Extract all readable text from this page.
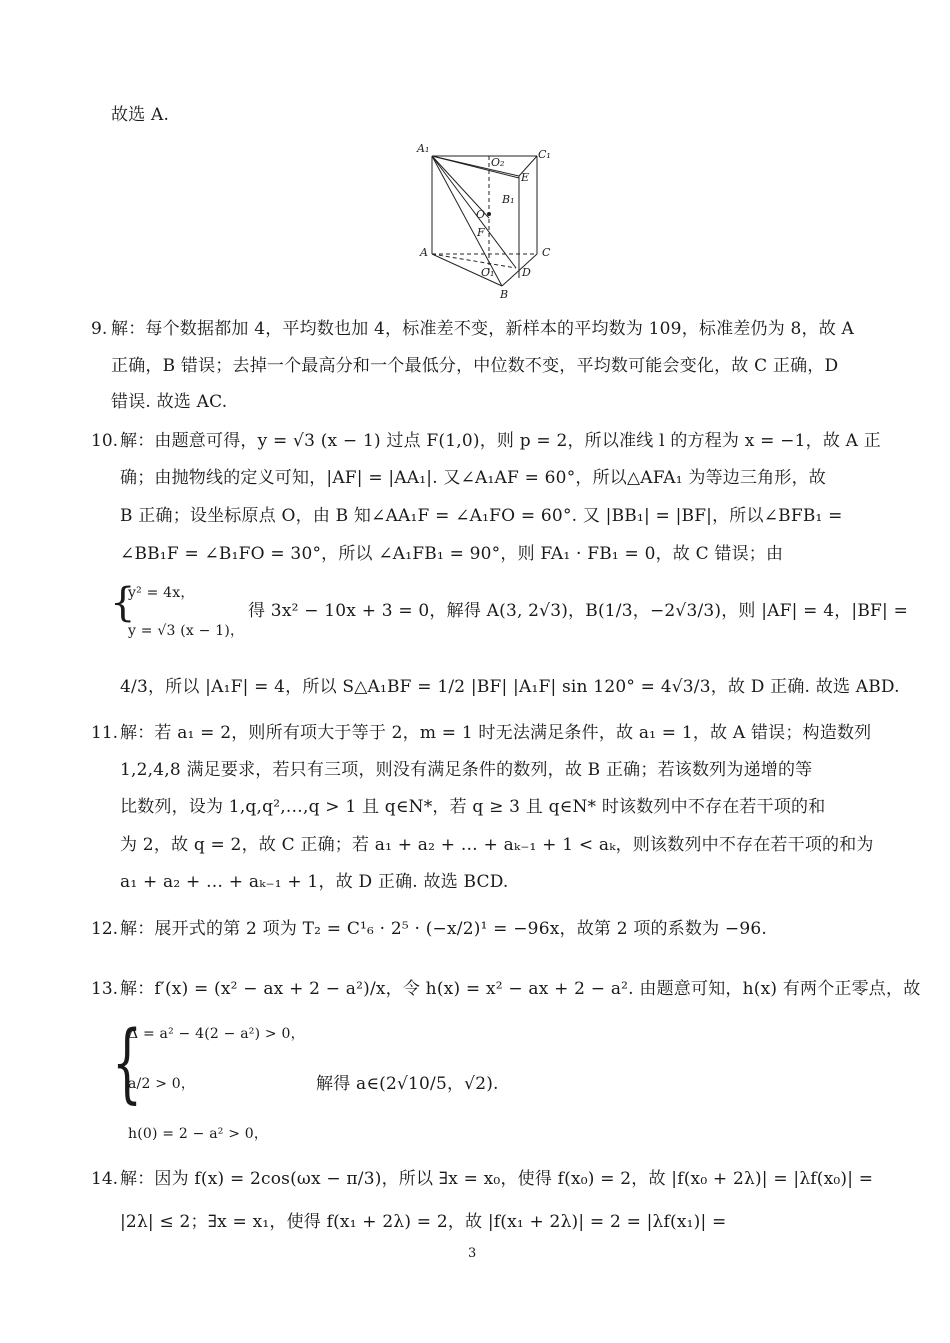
故选 A.
A₁	C₁
O₂
E
B₁
O
F
A	C
O₁	D
B
9. 解：每个数据都加 4，平均数也加 4，标准差不变，新样本的平均数为 109，标准差仍为 8，故 A
正确，B 错误；去掉一个最高分和一个最低分，中位数不变，平均数可能会变化，故 C 正确，D
错误. 故选 AC.
10. 解：由题意可得，y = √3 (x − 1) 过点 F(1,0)，则 p = 2，所以准线 l 的方程为 x = −1，故 A 正
确；由抛物线的定义可知，|AF| = |AA₁|. 又∠A₁AF = 60°，所以△AFA₁ 为等边三角形，故
B 正确；设坐标原点 O，由 B 知∠AA₁F = ∠A₁FO = 60°. 又 |BB₁| = |BF|，所以∠BFB₁ =
∠BB₁F = ∠B₁FO = 30°，所以 ∠A₁FB₁ = 90°，则 FA₁ · FB₁ = 0，故 C 错误；由
{
y² = 4x，
y = √3 (x − 1)，
得 3x² − 10x + 3 = 0，解得 A(3, 2√3)，B(1/3，−2√3/3)，则 |AF| = 4，|BF| =
4/3，所以 |A₁F| = 4，所以 S△A₁BF = 1/2 |BF| |A₁F| sin 120° = 4√3/3，故 D 正确. 故选 ABD.
11. 解：若 a₁ = 2，则所有项大于等于 2，m = 1 时无法满足条件，故 a₁ = 1，故 A 错误；构造数列
1,2,4,8 满足要求，若只有三项，则没有满足条件的数列，故 B 正确；若该数列为递增的等
比数列，设为 1,q,q²,…,q > 1 且 q∈N*，若 q ≥ 3 且 q∈N* 时该数列中不存在若干项的和
为 2，故 q = 2，故 C 正确；若 a₁ + a₂ + … + aₖ₋₁ + 1 < aₖ，则该数列中不存在若干项的和为
a₁ + a₂ + … + aₖ₋₁ + 1，故 D 正确. 故选 BCD.
12. 解：展开式的第 2 项为 T₂ = C¹₆ · 2⁵ · (−x/2)¹ = −96x，故第 2 项的系数为 −96.
13. 解：f′(x) = (x² − ax + 2 − a²)/x，令 h(x) = x² − ax + 2 − a². 由题意可知，h(x) 有两个正零点，故
{
Δ = a² − 4(2 − a²) > 0，
a/2 > 0，
h(0) = 2 − a² > 0，
解得 a∈(2√10/5，√2).
14. 解：因为 f(x) = 2cos(ωx − π/3)，所以 ∃x = x₀，使得 f(x₀) = 2，故 |f(x₀ + 2λ)| = |λf(x₀)| =
|2λ| ≤ 2；∃x = x₁，使得 f(x₁ + 2λ) = 2，故 |f(x₁ + 2λ)| = 2 = |λf(x₁)| =
3
